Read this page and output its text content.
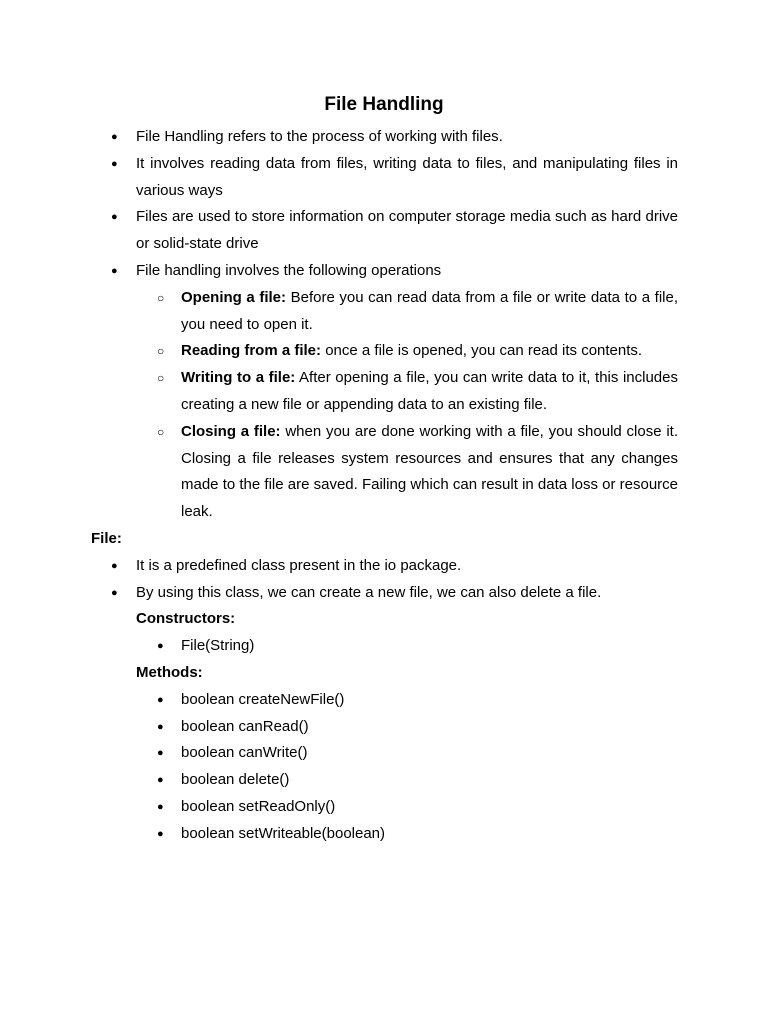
File Handling
● File Handling refers to the process of working with files.
● It involves reading data from files, writing data to files, and manipulating files in various ways
● Files are used to store information on computer storage media such as hard drive or solid-state drive
● File handling involves the following operations
○ Opening a file: Before you can read data from a file or write data to a file, you need to open it.
○ Reading from a file: once a file is opened, you can read its contents.
○ Writing to a file: After opening a file, you can write data to it, this includes creating a new file or appending data to an existing file.
○ Closing a file: when you are done working with a file, you should close it. Closing a file releases system resources and ensures that any changes made to the file are saved. Failing which can result in data loss or resource leak.
File:
● It is a predefined class present in the io package.
● By using this class, we can create a new file, we can also delete a file.
Constructors:
● File(String)
Methods:
● boolean createNewFile()
● boolean canRead()
● boolean canWrite()
● boolean delete()
● boolean setReadOnly()
● boolean setWriteable(boolean)
